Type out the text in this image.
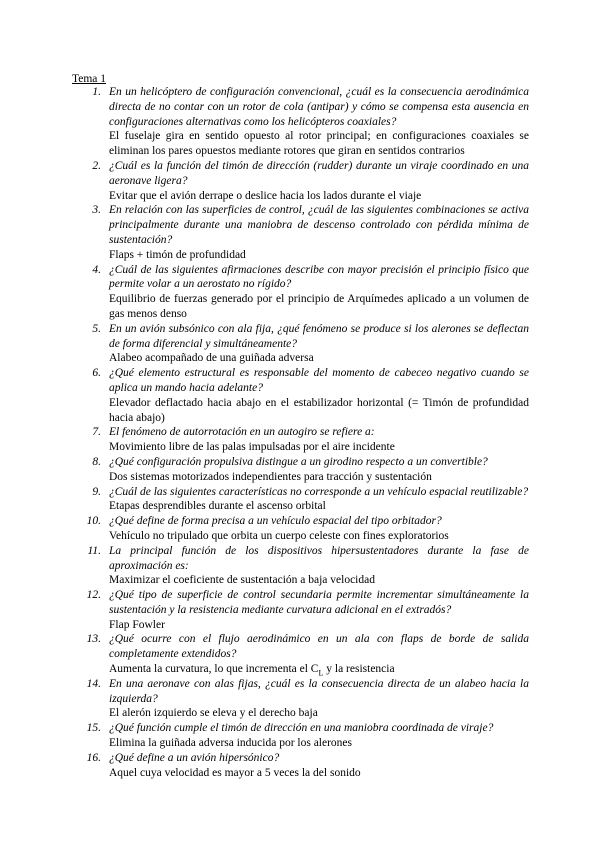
Tema 1
1. En un helicóptero de configuración convencional, ¿cuál es la consecuencia aerodinámica directa de no contar con un rotor de cola (antipar) y cómo se compensa esta ausencia en configuraciones alternativas como los helicópteros coaxiales?
El fuselaje gira en sentido opuesto al rotor principal; en configuraciones coaxiales se eliminan los pares opuestos mediante rotores que giran en sentidos contrarios
2. ¿Cuál es la función del timón de dirección (rudder) durante un viraje coordinado en una aeronave ligera?
Evitar que el avión derrape o deslice hacia los lados durante el viaje
3. En relación con las superficies de control, ¿cuál de las siguientes combinaciones se activa principalmente durante una maniobra de descenso controlado con pérdida mínima de sustentación?
Flaps + timón de profundidad
4. ¿Cuál de las siguientes afirmaciones describe con mayor precisión el principio físico que permite volar a un aerostato no rígido?
Equilibrio de fuerzas generado por el principio de Arquímedes aplicado a un volumen de gas menos denso
5. En un avión subsónico con ala fija, ¿qué fenómeno se produce si los alerones se deflectan de forma diferencial y simultáneamente?
Alabeo acompañado de una guiñada adversa
6. ¿Qué elemento estructural es responsable del momento de cabeceo negativo cuando se aplica un mando hacia adelante?
Elevador deflactado hacia abajo en el estabilizador horizontal (= Timón de profundidad hacia abajo)
7. El fenómeno de autorrotación en un autogiro se refiere a:
Movimiento libre de las palas impulsadas por el aire incidente
8. ¿Qué configuración propulsiva distingue a un girodino respecto a un convertible?
Dos sistemas motorizados independientes para tracción y sustentación
9. ¿Cuál de las siguientes características no corresponde a un vehículo espacial reutilizable?
Etapas desprendibles durante el ascenso orbital
10. ¿Qué define de forma precisa a un vehículo espacial del tipo orbitador?
Vehículo no tripulado que orbita un cuerpo celeste con fines exploratorios
11. La principal función de los dispositivos hipersustentadores durante la fase de aproximación es:
Maximizar el coeficiente de sustentación a baja velocidad
12. ¿Qué tipo de superficie de control secundaria permite incrementar simultáneamente la sustentación y la resistencia mediante curvatura adicional en el extradós?
Flap Fowler
13. ¿Qué ocurre con el flujo aerodinámico en un ala con flaps de borde de salida completamente extendidos?
Aumenta la curvatura, lo que incrementa el $C_L$ y la resistencia
14. En una aeronave con alas fijas, ¿cuál es la consecuencia directa de un alabeo hacia la izquierda?
El alerón izquierdo se eleva y el derecho baja
15. ¿Qué función cumple el timón de dirección en una maniobra coordinada de viraje?
Elimina la guiñada adversa inducida por los alerones
16. ¿Qué define a un avión hipersónico?
Aquel cuya velocidad es mayor a 5 veces la del sonido
